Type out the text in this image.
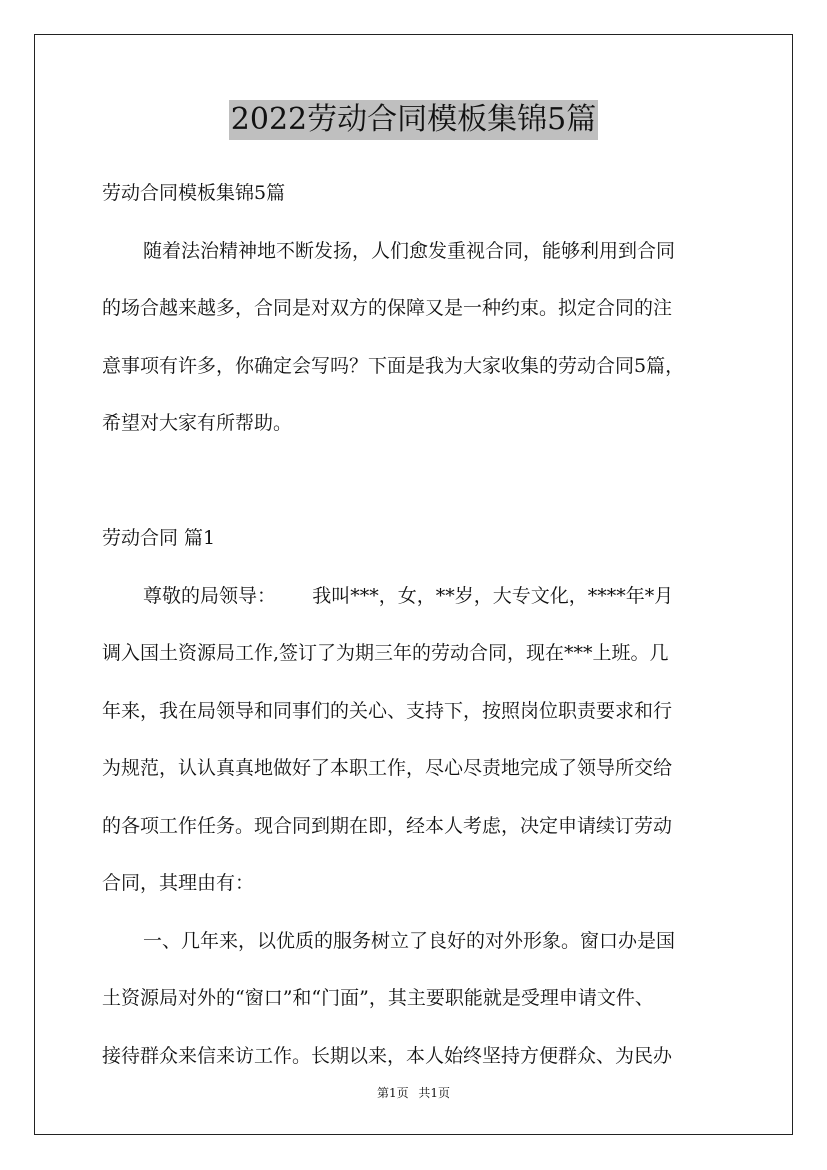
2022劳动合同模板集锦5篇
劳动合同模板集锦5篇
随着法治精神地不断发扬，人们愈发重视合同，能够利用到合同
的场合越来越多，合同是对双方的保障又是一种约束。拟定合同的注
意事项有许多，你确定会写吗？下面是我为大家收集的劳动合同5篇，
希望对大家有所帮助。
劳动合同 篇1
尊敬的局领导：      我叫***，女，**岁，大专文化，****年*月
调入国土资源局工作,签订了为期三年的劳动合同，现在***上班。几
年来，我在局领导和同事们的关心、支持下，按照岗位职责要求和行
为规范，认认真真地做好了本职工作，尽心尽责地完成了领导所交给
的各项工作任务。现合同到期在即，经本人考虑，决定申请续订劳动
合同，其理由有：
一、几年来，以优质的服务树立了良好的对外形象。窗口办是国
土资源局对外的“窗口”和“门面”，其主要职能就是受理申请文件、
接待群众来信来访工作。长期以来，本人始终坚持方便群众、为民办
第1页 共1页
